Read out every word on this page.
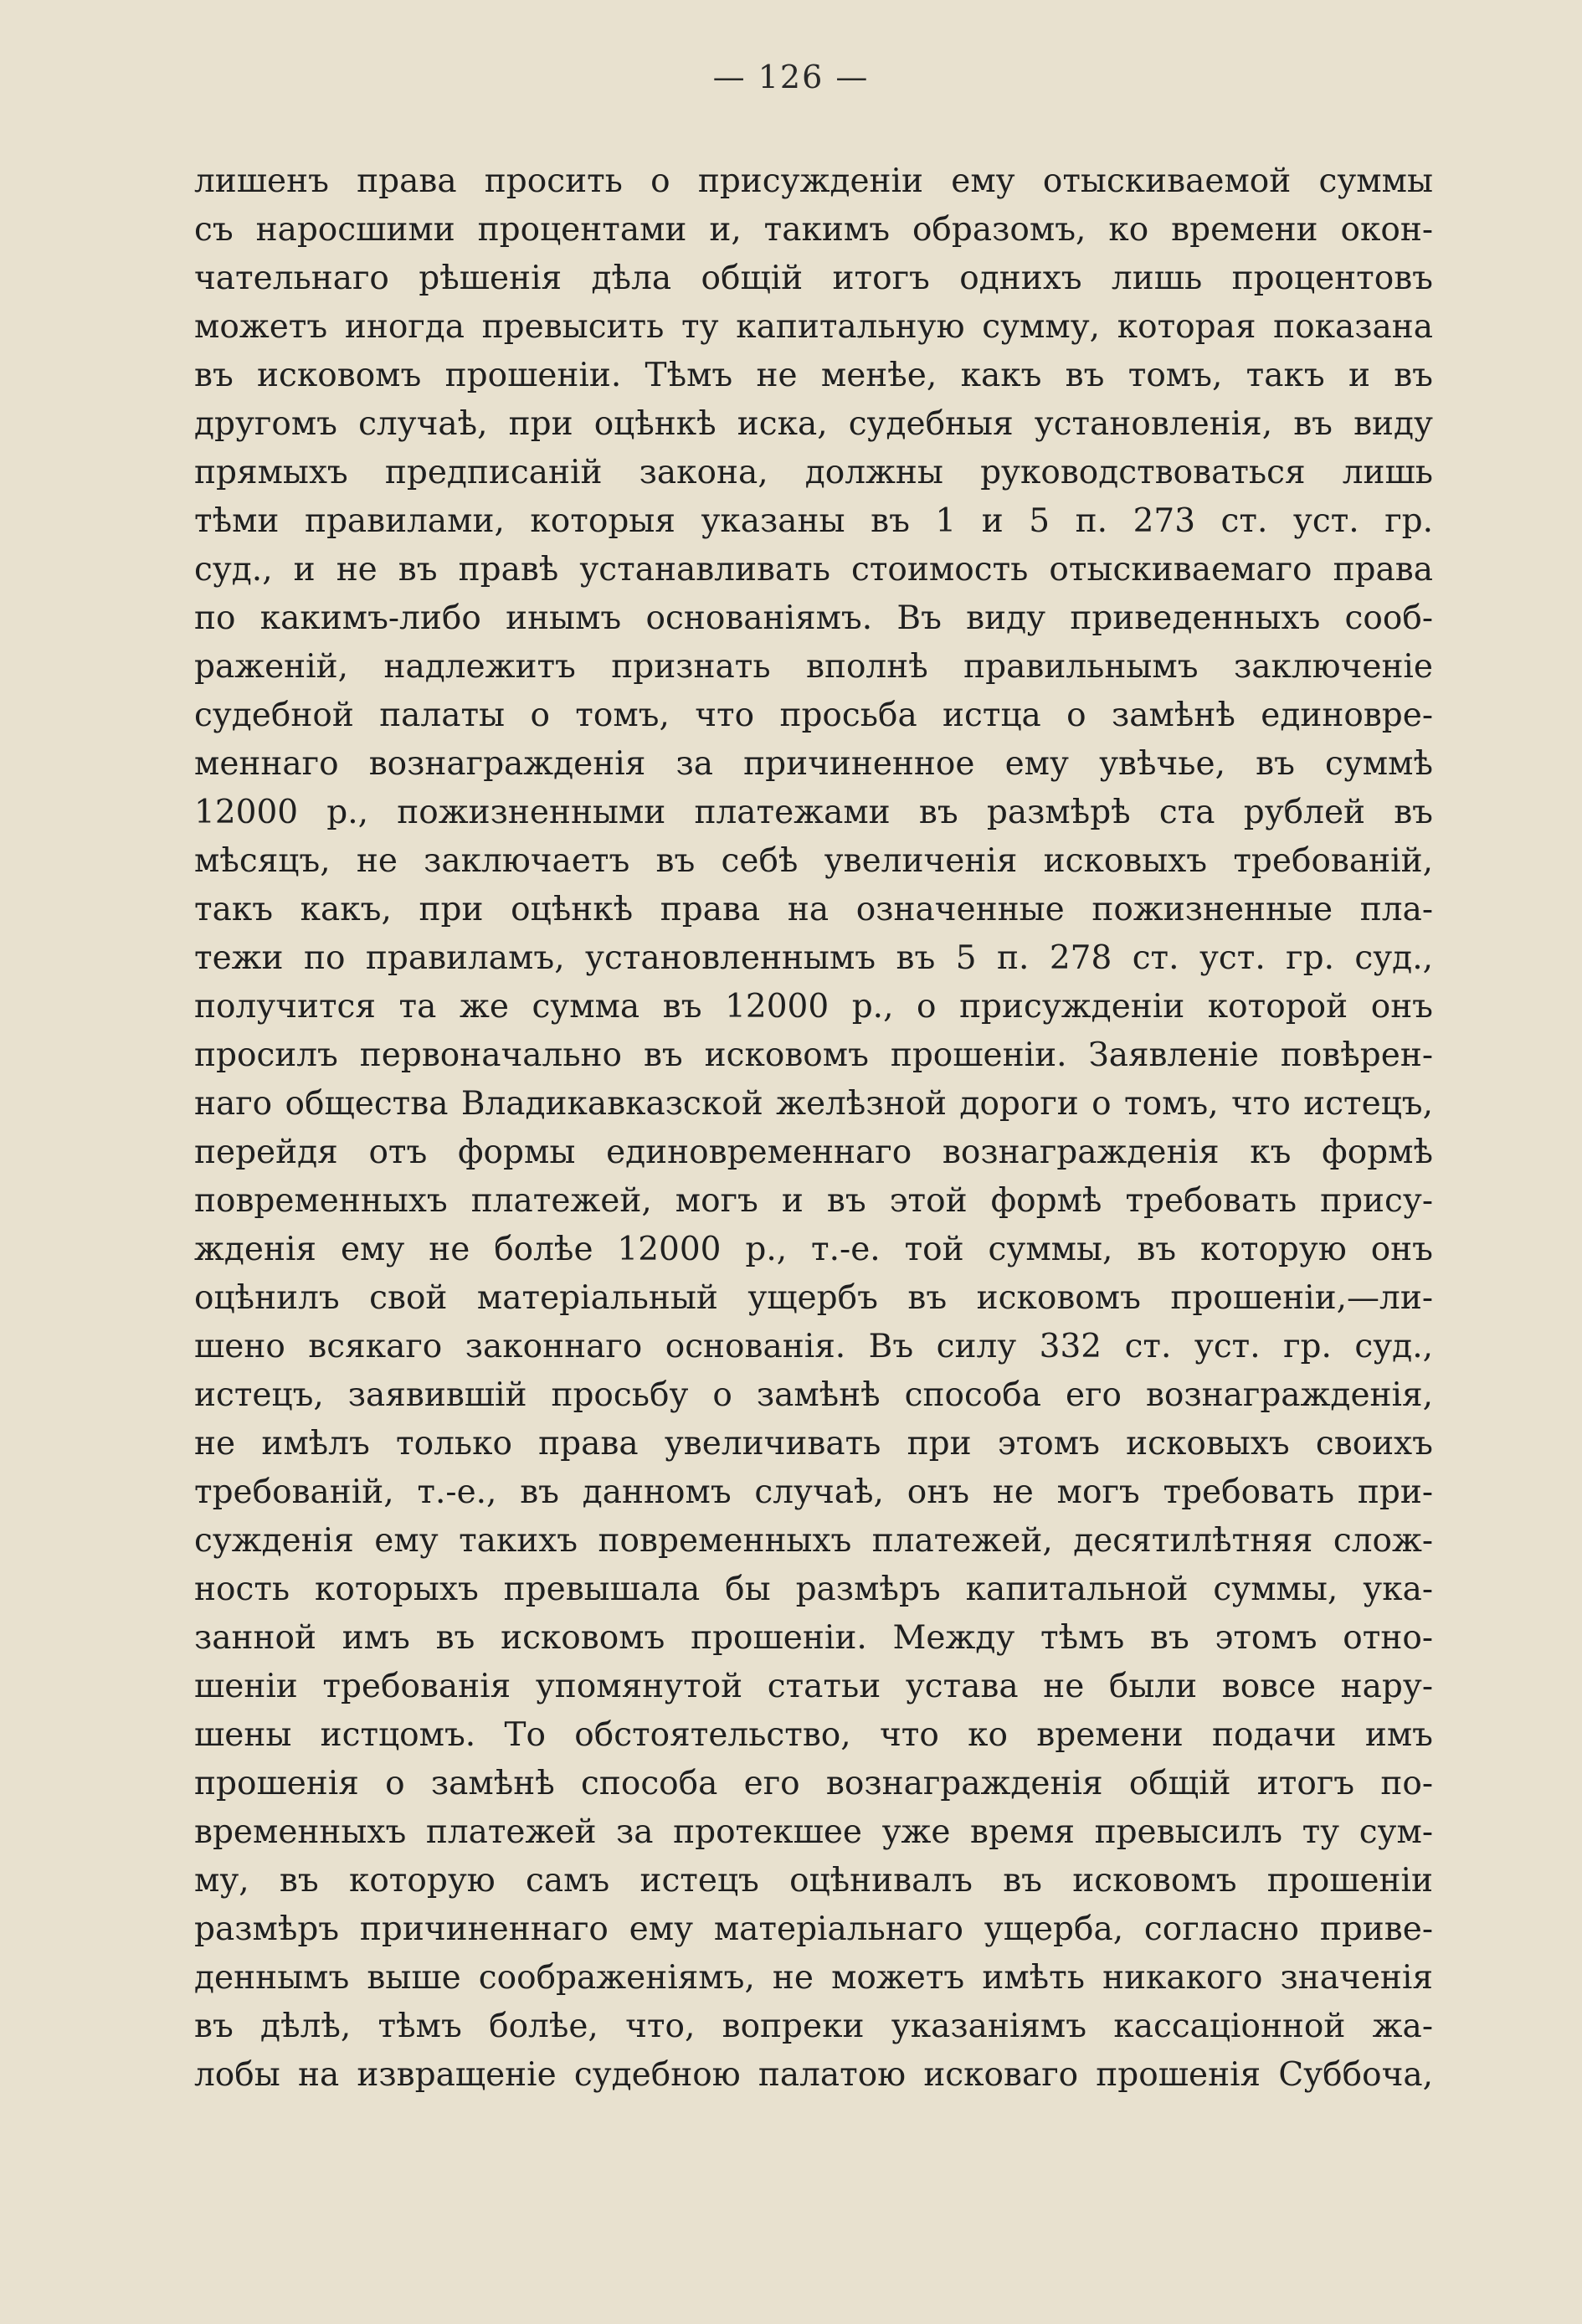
— 126 —
лишенъ права просить о присужденіи ему отыскиваемой суммы
съ наросшими процентами и, такимъ образомъ, ко времени окон-
чательнаго рѣшенія дѣла общій итогъ однихъ лишь процентовъ
можетъ иногда превысить ту капитальную сумму, которая показана
въ исковомъ прошеніи. Тѣмъ не менѣе, какъ въ томъ, такъ и въ
другомъ случаѣ, при оцѣнкѣ иска, судебныя установленія, въ виду
прямыхъ предписаній закона, должны руководствоваться лишь
тѣми правилами, которыя указаны въ 1 и 5 п. 273 ст. уст. гр.
суд., и не въ правѣ устанавливать стоимость отыскиваемаго права
по какимъ-либо инымъ основаніямъ. Въ виду приведенныхъ сооб-
раженій, надлежитъ признать вполнѣ правильнымъ заключеніе
судебной палаты о томъ, что просьба истца о замѣнѣ единовре-
меннаго вознагражденія за причиненное ему увѣчье, въ суммѣ
12000 р., пожизненными платежами въ размѣрѣ ста рублей въ
мѣсяцъ, не заключаетъ въ себѣ увеличенія исковыхъ требованій,
такъ какъ, при оцѣнкѣ права на означенные пожизненные пла-
тежи по правиламъ, установленнымъ въ 5 п. 278 ст. уст. гр. суд.,
получится та же сумма въ 12000 р., о присужденіи которой онъ
просилъ первоначально въ исковомъ прошеніи. Заявленіе повѣрен-
наго общества Владикавказской желѣзной дороги о томъ, что истецъ,
перейдя отъ формы единовременнаго вознагражденія къ формѣ
повременныхъ платежей, могъ и въ этой формѣ требовать прису-
жденія ему не болѣе 12000 р., т.-е. той суммы, въ которую онъ
оцѣнилъ свой матеріальный ущербъ въ исковомъ прошеніи,—ли-
шено всякаго законнаго основанія. Въ силу 332 ст. уст. гр. суд.,
истецъ, заявившій просьбу о замѣнѣ способа его вознагражденія,
не имѣлъ только права увеличивать при этомъ исковыхъ своихъ
требованій, т.-е., въ данномъ случаѣ, онъ не могъ требовать при-
сужденія ему такихъ повременныхъ платежей, десятилѣтняя слож-
ность которыхъ превышала бы размѣръ капитальной суммы, ука-
занной имъ въ исковомъ прошеніи. Между тѣмъ въ этомъ отно-
шеніи требованія упомянутой статьи устава не были вовсе нару-
шены истцомъ. То обстоятельство, что ко времени подачи имъ
прошенія о замѣнѣ способа его вознагражденія общій итогъ по-
временныхъ платежей за протекшее уже время превысилъ ту сум-
му, въ которую самъ истецъ оцѣнивалъ въ исковомъ прошеніи
размѣръ причиненнаго ему матеріальнаго ущерба, согласно приве-
деннымъ выше соображеніямъ, не можетъ имѣть никакого значенія
въ дѣлѣ, тѣмъ болѣе, что, вопреки указаніямъ кассаціонной жа-
лобы на извращеніе судебною палатою исковаго прошенія Суббоча,
